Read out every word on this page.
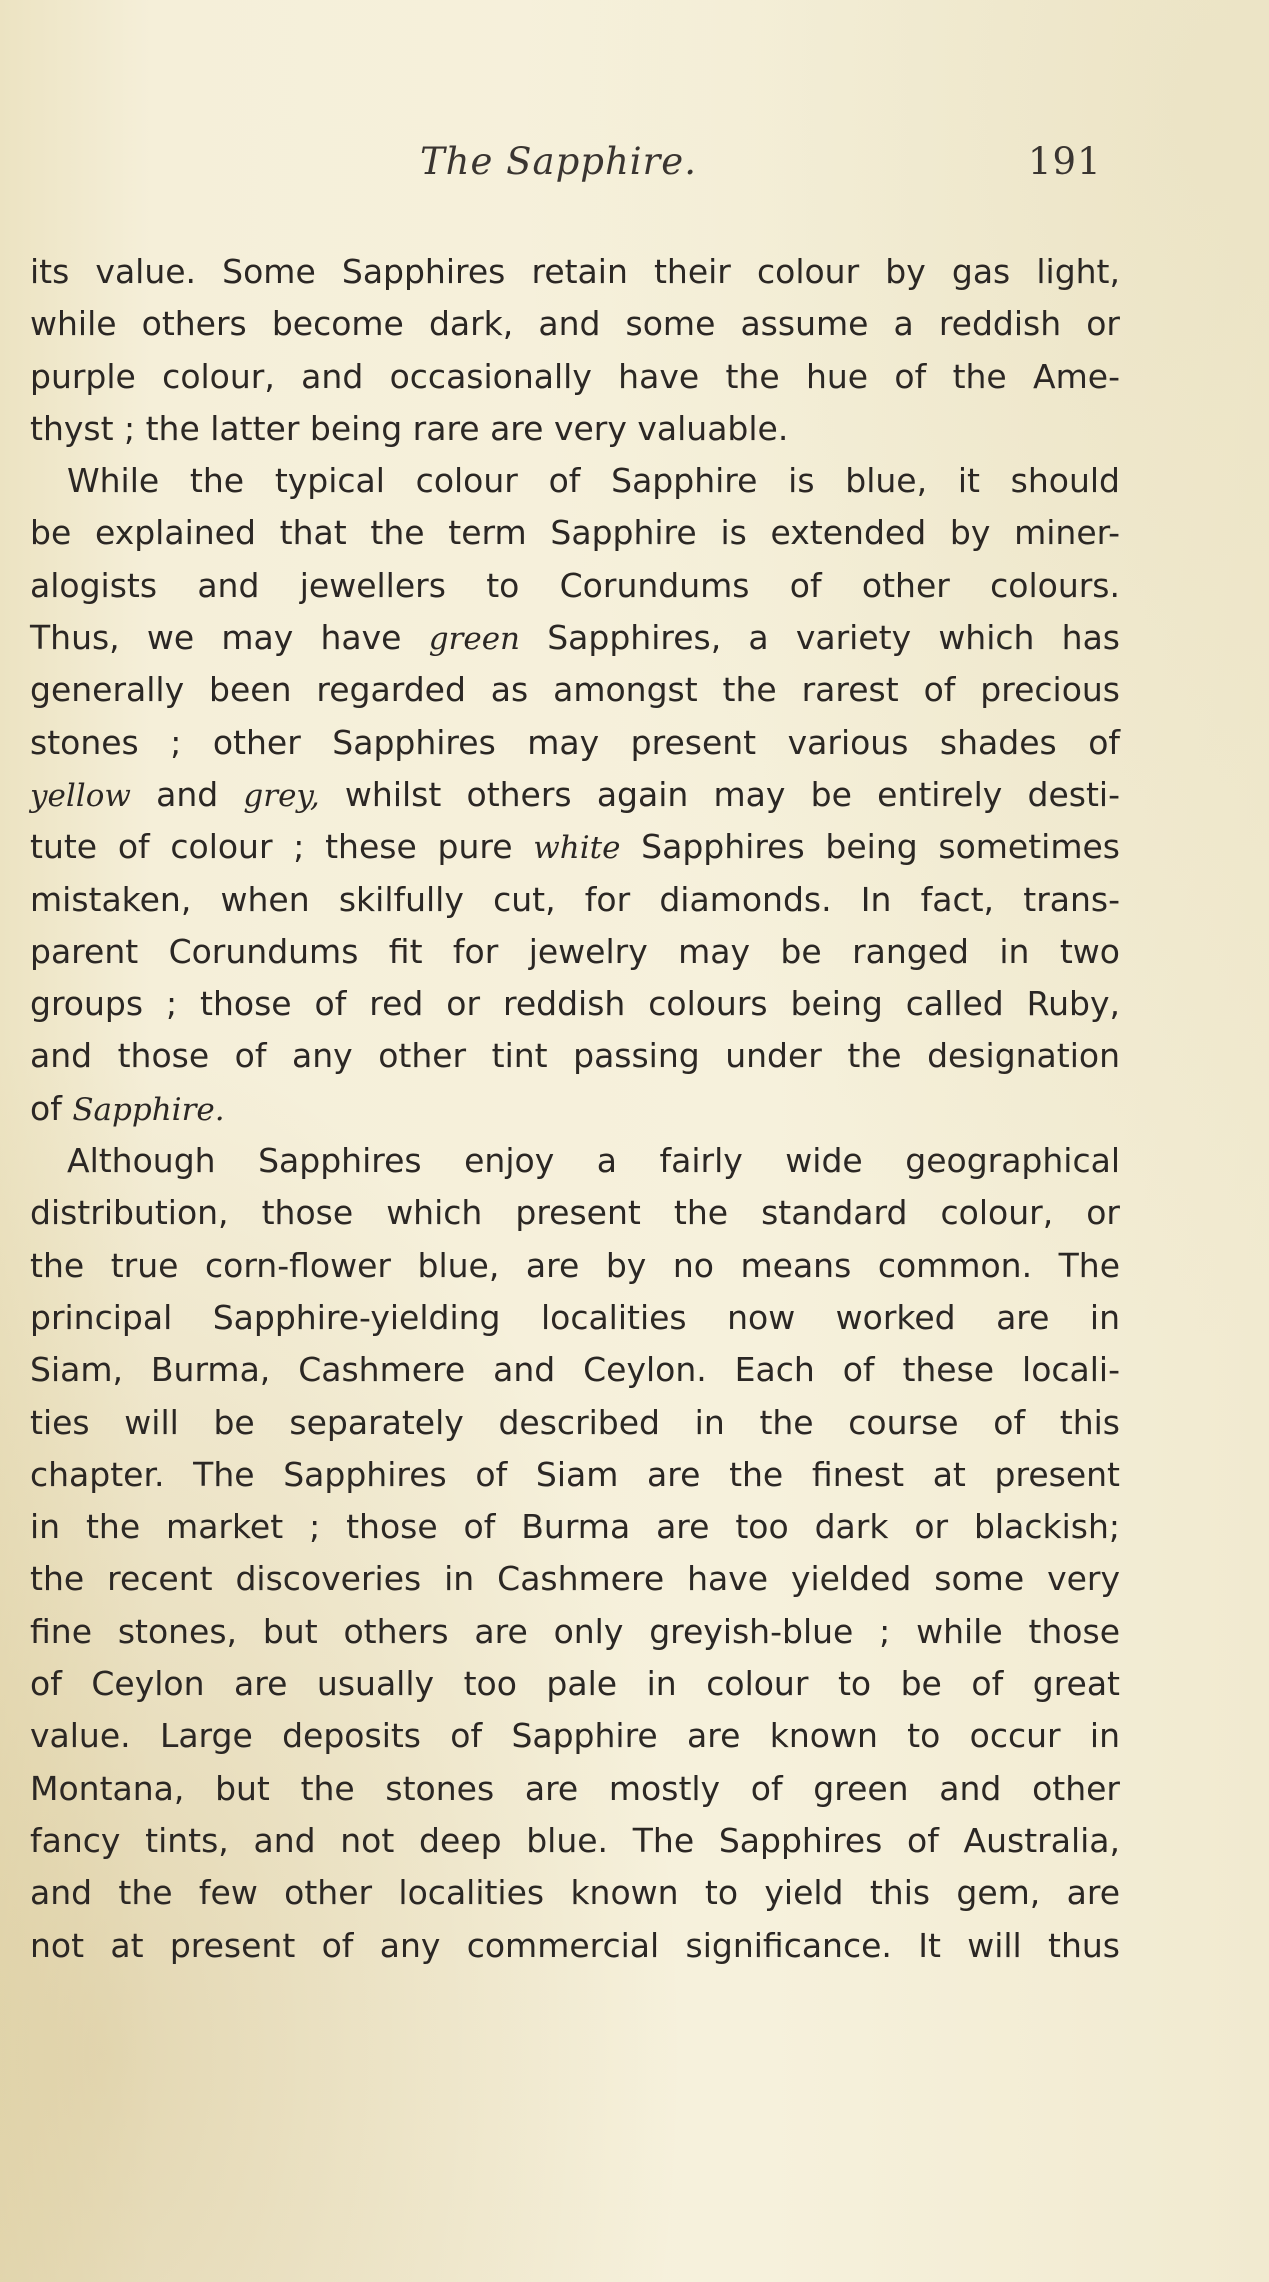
The Sapphire.	191
its value. Some Sapphires retain their colour by gas light,
while others become dark, and some assume a reddish or
purple colour, and occasionally have the hue of the Ame-
thyst ; the latter being rare are very valuable.
While the typical colour of Sapphire is blue, it should
be explained that the term Sapphire is extended by miner-
alogists and jewellers to Corundums of other colours.
Thus, we may have green Sapphires, a variety which has
generally been regarded as amongst the rarest of precious
stones ; other Sapphires may present various shades of
yellow and grey, whilst others again may be entirely desti-
tute of colour ; these pure white Sapphires being sometimes
mistaken, when skilfully cut, for diamonds. In fact, trans-
parent Corundums fit for jewelry may be ranged in two
groups ; those of red or reddish colours being called Ruby,
and those of any other tint passing under the designation
of Sapphire.
Although Sapphires enjoy a fairly wide geographical
distribution, those which present the standard colour, or
the true corn-flower blue, are by no means common. The
principal Sapphire-yielding localities now worked are in
Siam, Burma, Cashmere and Ceylon. Each of these locali-
ties will be separately described in the course of this
chapter. The Sapphires of Siam are the finest at present
in the market ; those of Burma are too dark or blackish;
the recent discoveries in Cashmere have yielded some very
fine stones, but others are only greyish-blue ; while those
of Ceylon are usually too pale in colour to be of great
value. Large deposits of Sapphire are known to occur in
Montana, but the stones are mostly of green and other
fancy tints, and not deep blue. The Sapphires of Australia,
and the few other localities known to yield this gem, are
not at present of any commercial significance. It will thus
